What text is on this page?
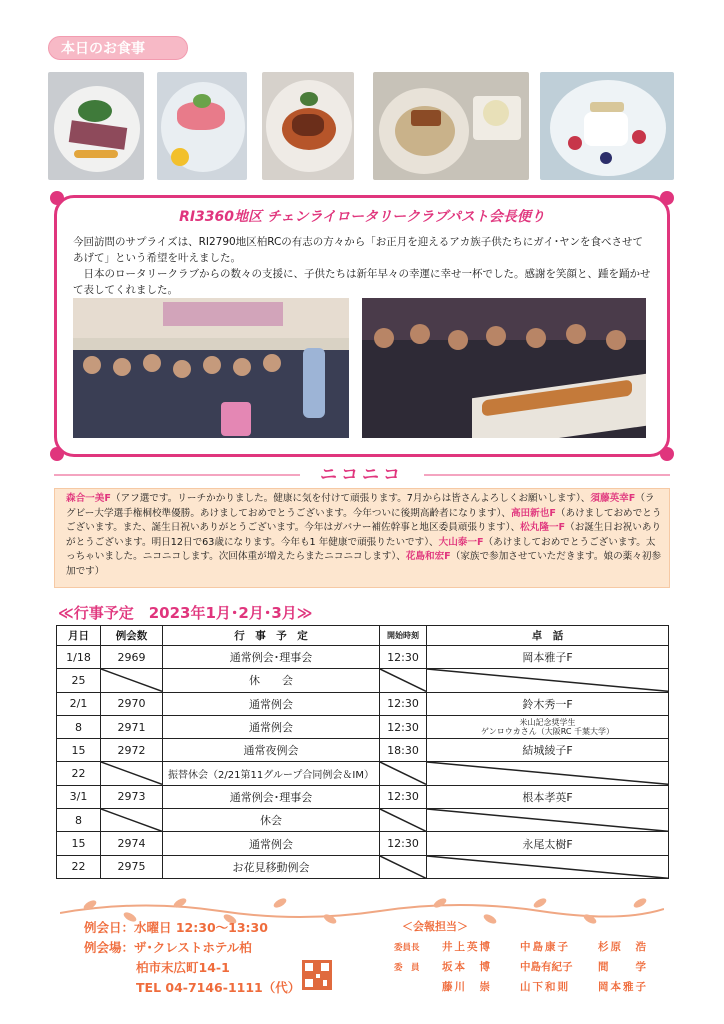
本日のお食事
RI3360地区 チェンライロータリークラブパスト会長便り

今回訪問のサプライズは、RI2790地区柏RCの有志の方々から「お正月を迎えるアカ族子供たちにガイ･ヤンを食べさせてあげて」という希望を叶えました。

日本のロータリークラブからの数々の支援に、子供たちは新年早々の幸運に幸せ一杯でした。感謝を笑顔と、踵を踊かせて表してくれました。

ニコニコ
森合一美F（アフ選です。リーチかかりました。健康に気を付けて頑張ります。7月からは皆さんよろしくお願いします）、須藤英幸F（ラグビー大学選手権桐校準優勝。あけましておめでとうございます。今年ついに後期高齢者になります）、高田新也F（あけましておめでとうございます。また、誕生日祝いありがとうございます。今年はガバナー補佐幹事と地区委員頑張ります）、松丸隆一F（お誕生日お祝いありがとうございます。明日12日で63歳になります。今年も1 年健康で頑張りたいです）、大山泰一F（あけましておめでとうございます。太っちゃいました。ニコニコします。次回体重が増えたらまたニコニコします）、花島和宏F（家族で参加させていただきます。娘の薬々初参加です）
≪行事予定　2023年1月･2月･3月≫
月日	例会数	行　事　予　定	開始時刻	卓　話
1/18	2969	通常例会･理事会	12:30	岡本雅子F
25		休　　会	

2/1	2970	通常例会	12:30	鈴木秀一F
8	2971	通常例会	12:30	米山記念奨学生
ゲンロウカさん（大阪RC 千葉大学）

15	2972	通常夜例会	18:30	結城綾子F
22		振替休会（2/21第11グループ合同例会＆IM）	

3/1	2973	通常例会･理事会	12:30	根本孝英F
8		休会	

15	2974	通常例会	12:30	永尾太樹F
22	2975	お花見移動例会	

例会日：水曜日 12:30～13:30
例会場：ザ･クレストホテル柏
柏市末広町14-1
TEL 04-7146-1111（代）
＜会報担当＞
委員長 井上英博	中島康子	杉原　浩
委　員 坂本　博	中島有紀子 間　　学
藤川　崇	山下和則	岡本雅子
